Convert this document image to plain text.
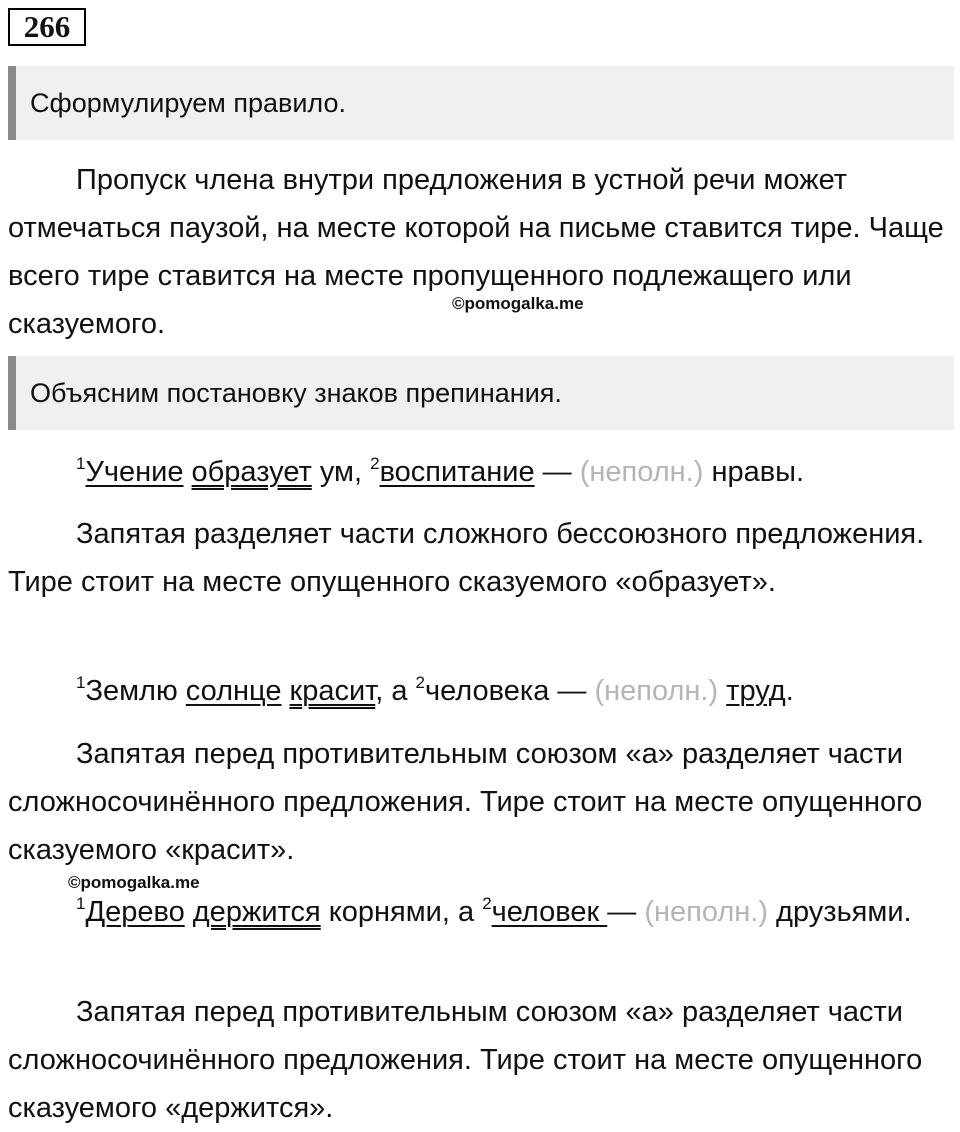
266
Сформулируем правило.

Пропуск члена внутри предложения в устной речи может отмечаться паузой, на месте которой на письме ставится тире. Чаще всего тире ставится на месте пропущенного подлежащего или сказуемого.

©pomogalka.me
Объясним постановку знаков препинания.

$^1$Учение образует ум, $^2$воспитание — (неполн.) нравы.

Запятая разделяет части сложного бессоюзного предложения. Тире стоит на месте опущенного сказуемого «образует».

$^1$Землю солнце красит, а $^2$человека — (неполн.) труд.

Запятая перед противительным союзом «а» разделяет части сложносочинённого предложения. Тире стоит на месте опущенного сказуемого «красит».

©pomogalka.me

$^1$Дерево держится корнями, а $^2$человек — (неполн.) друзьями.

Запятая перед противительным союзом «а» разделяет части сложносочинённого предложения. Тире стоит на месте опущенного сказуемого «держится».
